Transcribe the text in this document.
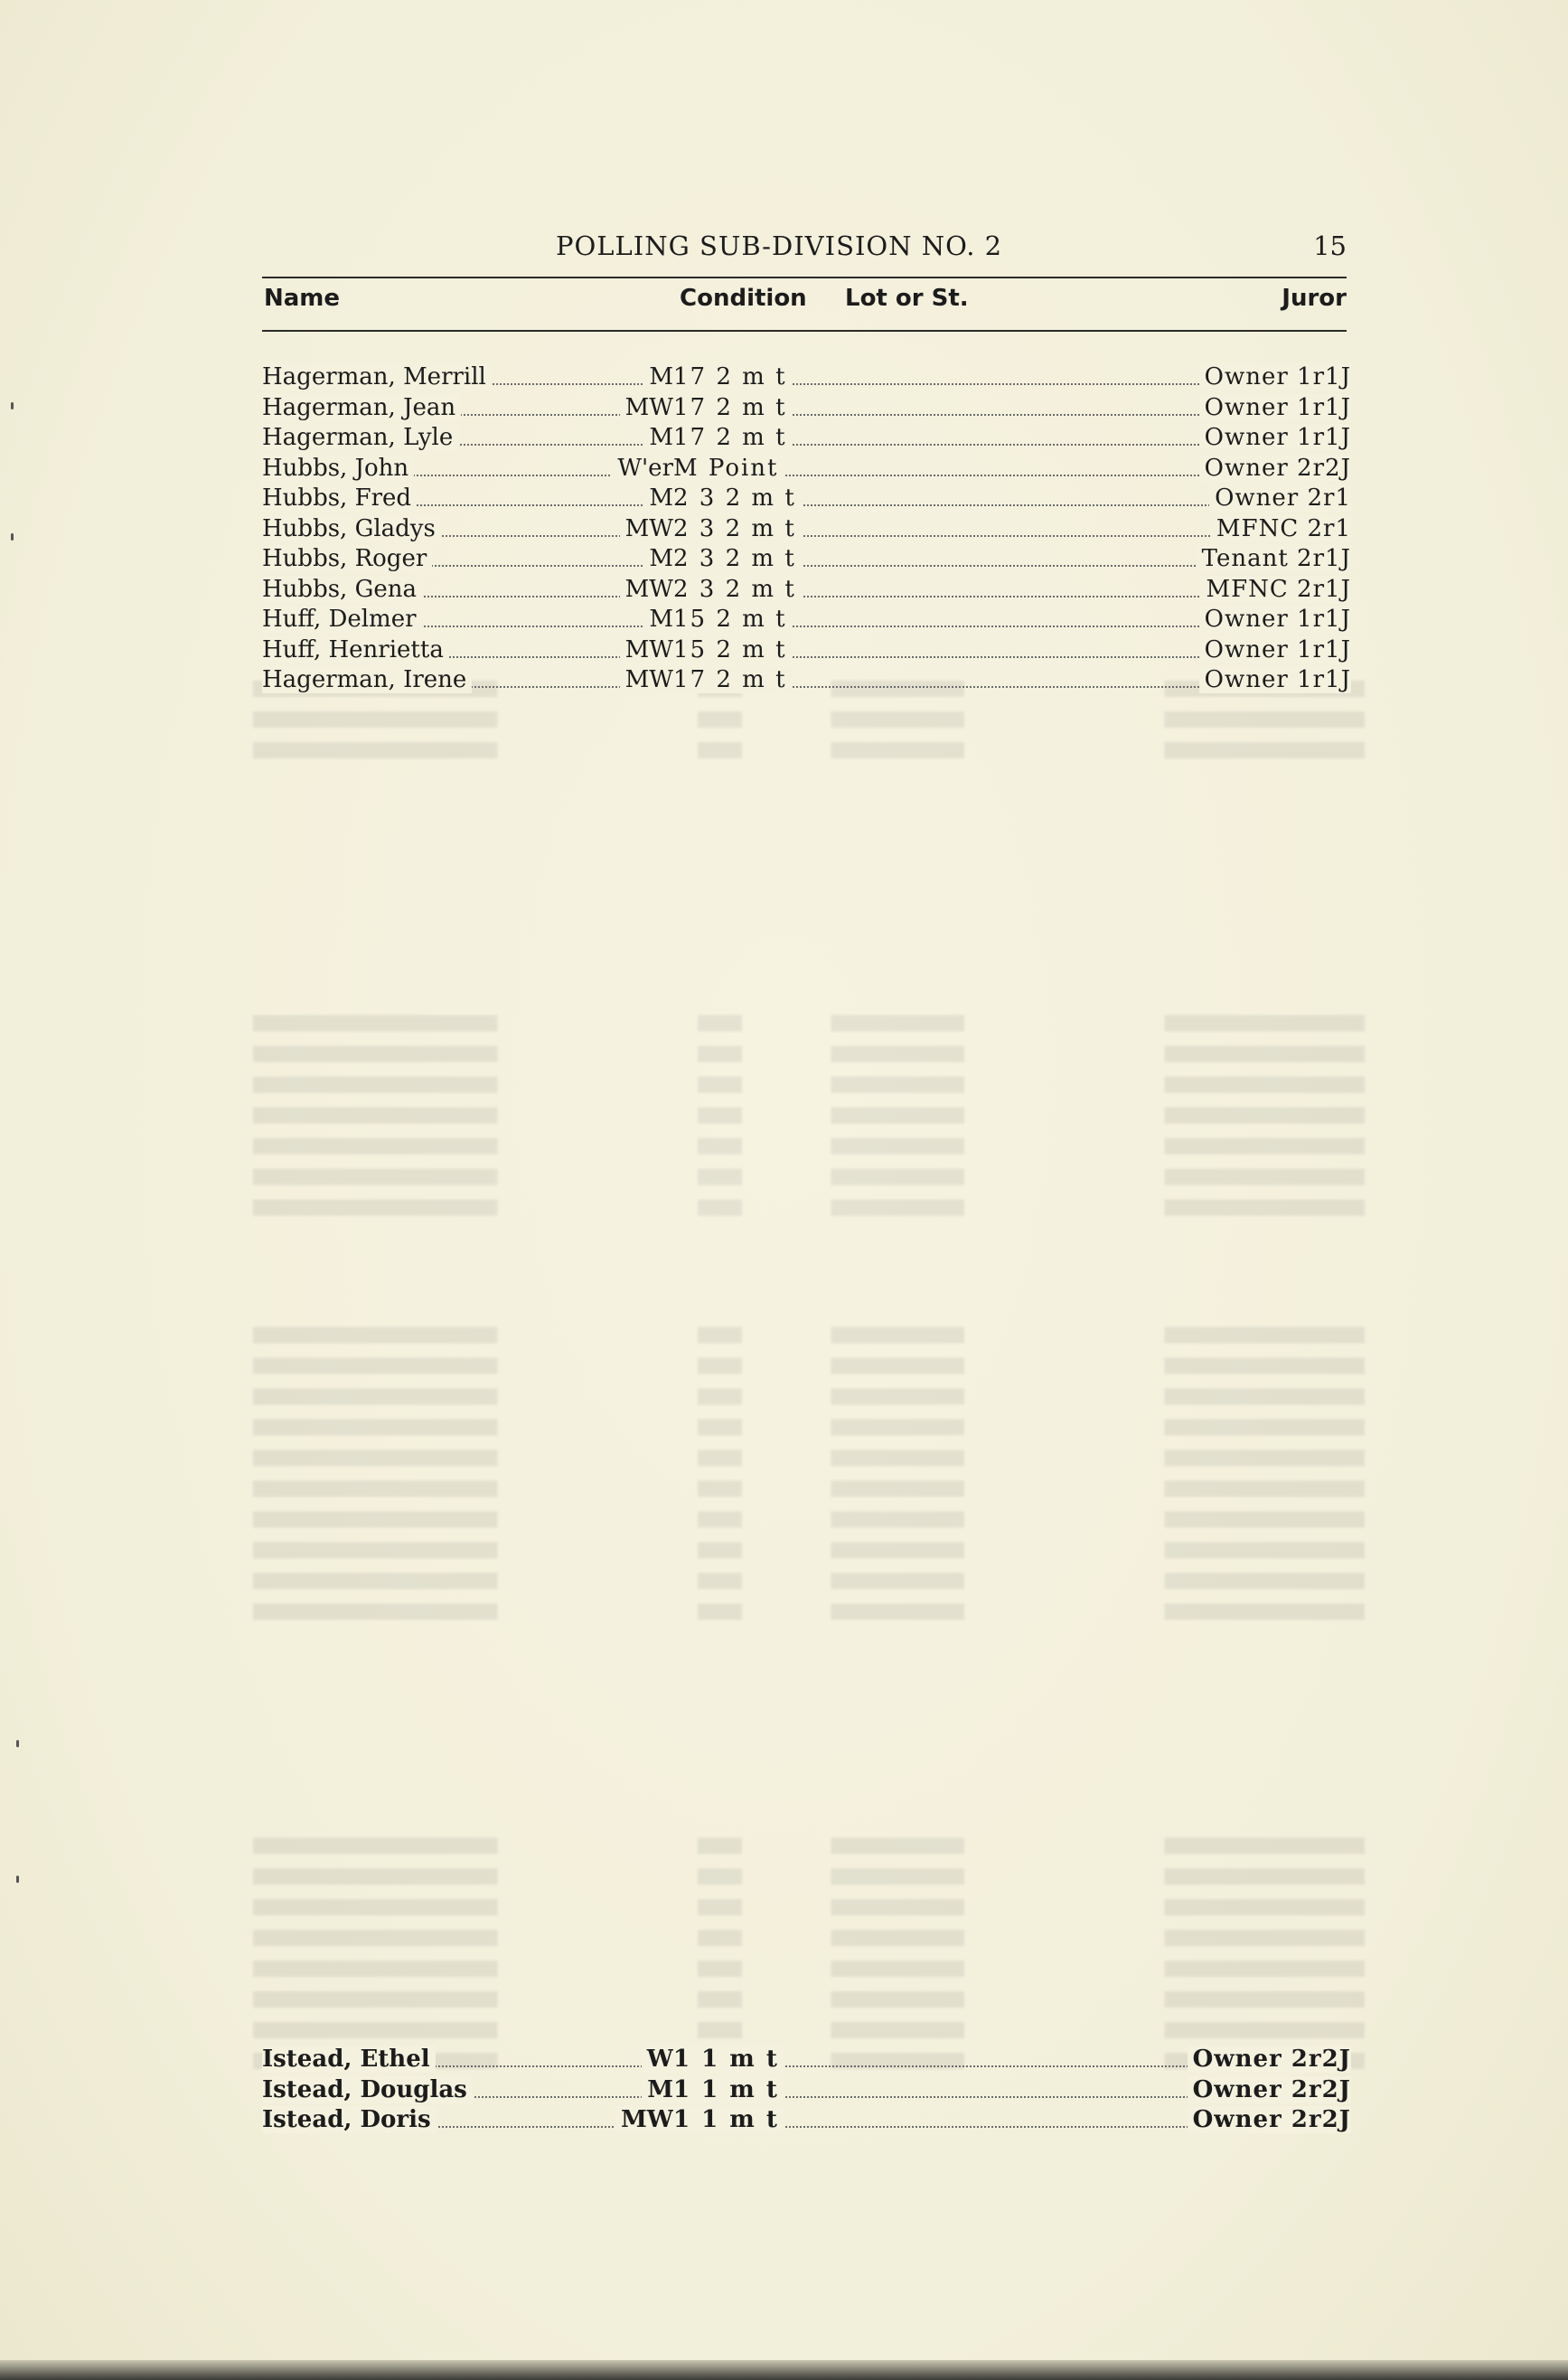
POLLING SUB-DIVISION NO. 2	15
Name	Condition Lot or St.	Juror
Hagerman, Merrill	M 17 2 m t	Owner 1r1J
Hagerman, Jean	MW 17 2 m t	Owner 1r1J
Hagerman, Lyle	M 17 2 m t	Owner 1r1J
Hubbs, John	W'er M Point	Owner 2r2J
Hubbs, Fred	M 2 3 2 m t	Owner 2r1
Hubbs, Gladys	MW 2 3 2 m t	MFNC 2r1
Hubbs, Roger	M 2 3 2 m t	Tenant 2r1J
Hubbs, Gena	MW 2 3 2 m t	MFNC 2r1J
Huff, Delmer	M 15 2 m t	Owner 1r1J
Huff, Henrietta	MW 15 2 m t	Owner 1r1J
Hagerman, Irene	MW 17 2 m t	Owner 1r1J
Istead, Ethel	W 1 1 m t	Owner 2r2J
Istead, Douglas	M 1 1 m t	Owner 2r2J
Istead, Doris	MW 1 1 m t	Owner 2r2J
